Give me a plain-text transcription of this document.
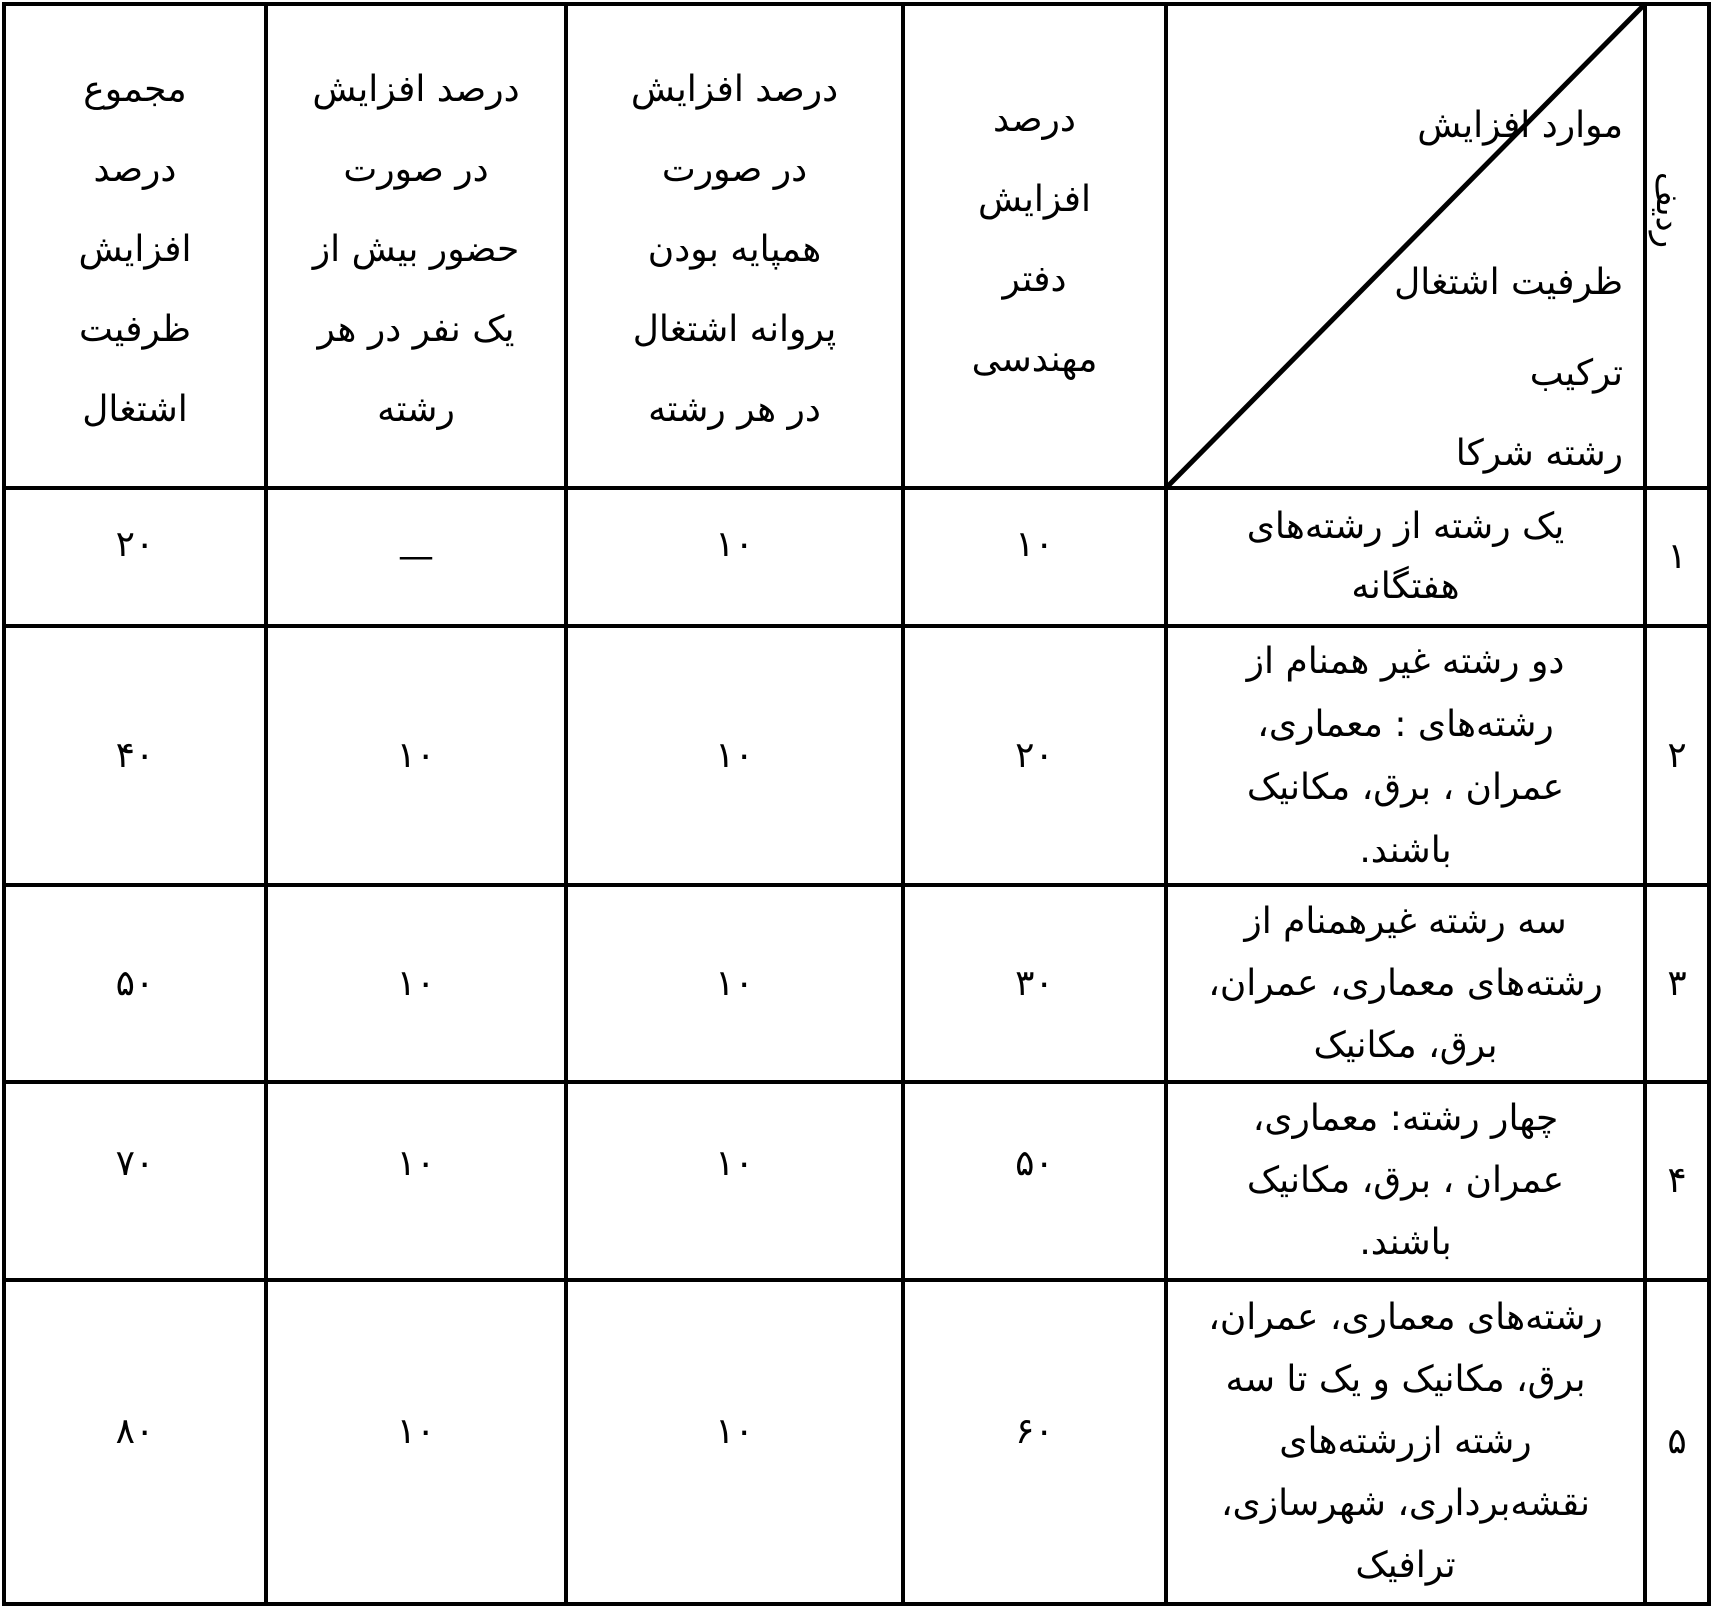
ردیف
موارد افزایش
ظرفیت اشتغال
ترکیب
رشته شرکا
درصد
افزایش
دفتر
مهندسی
درصد افزایش
در صورت
همپایه بودن
پروانه اشتغال
در هر رشته
درصد افزایش
در صورت
حضور بیش از
یک نفر در هر
رشته
مجموع
درصد
افزایش
ظرفیت
اشتغال
۱
یک رشته از رشته‌های
هفتگانه
۱۰
۱۰
—
۲۰
۲
دو رشته غیر همنام از
رشته‌های : معماری،
عمران ، برق، مکانیک
باشند.
۲۰
۱۰
۱۰
۴۰
۳
سه رشته غیرهمنام از
رشته‌های معماری، عمران،
برق، مکانیک
۳۰
۱۰
۱۰
۵۰
۴
چهار رشته: معماری،
عمران ، برق، مکانیک
باشند.
۵۰
۱۰
۱۰
۷۰
۵
رشته‌های معماری، عمران،
برق، مکانیک و یک تا سه
رشته ازرشته‌های
نقشه‌برداری، شهرسازی،
ترافیک
۶۰
۱۰
۱۰
۸۰
